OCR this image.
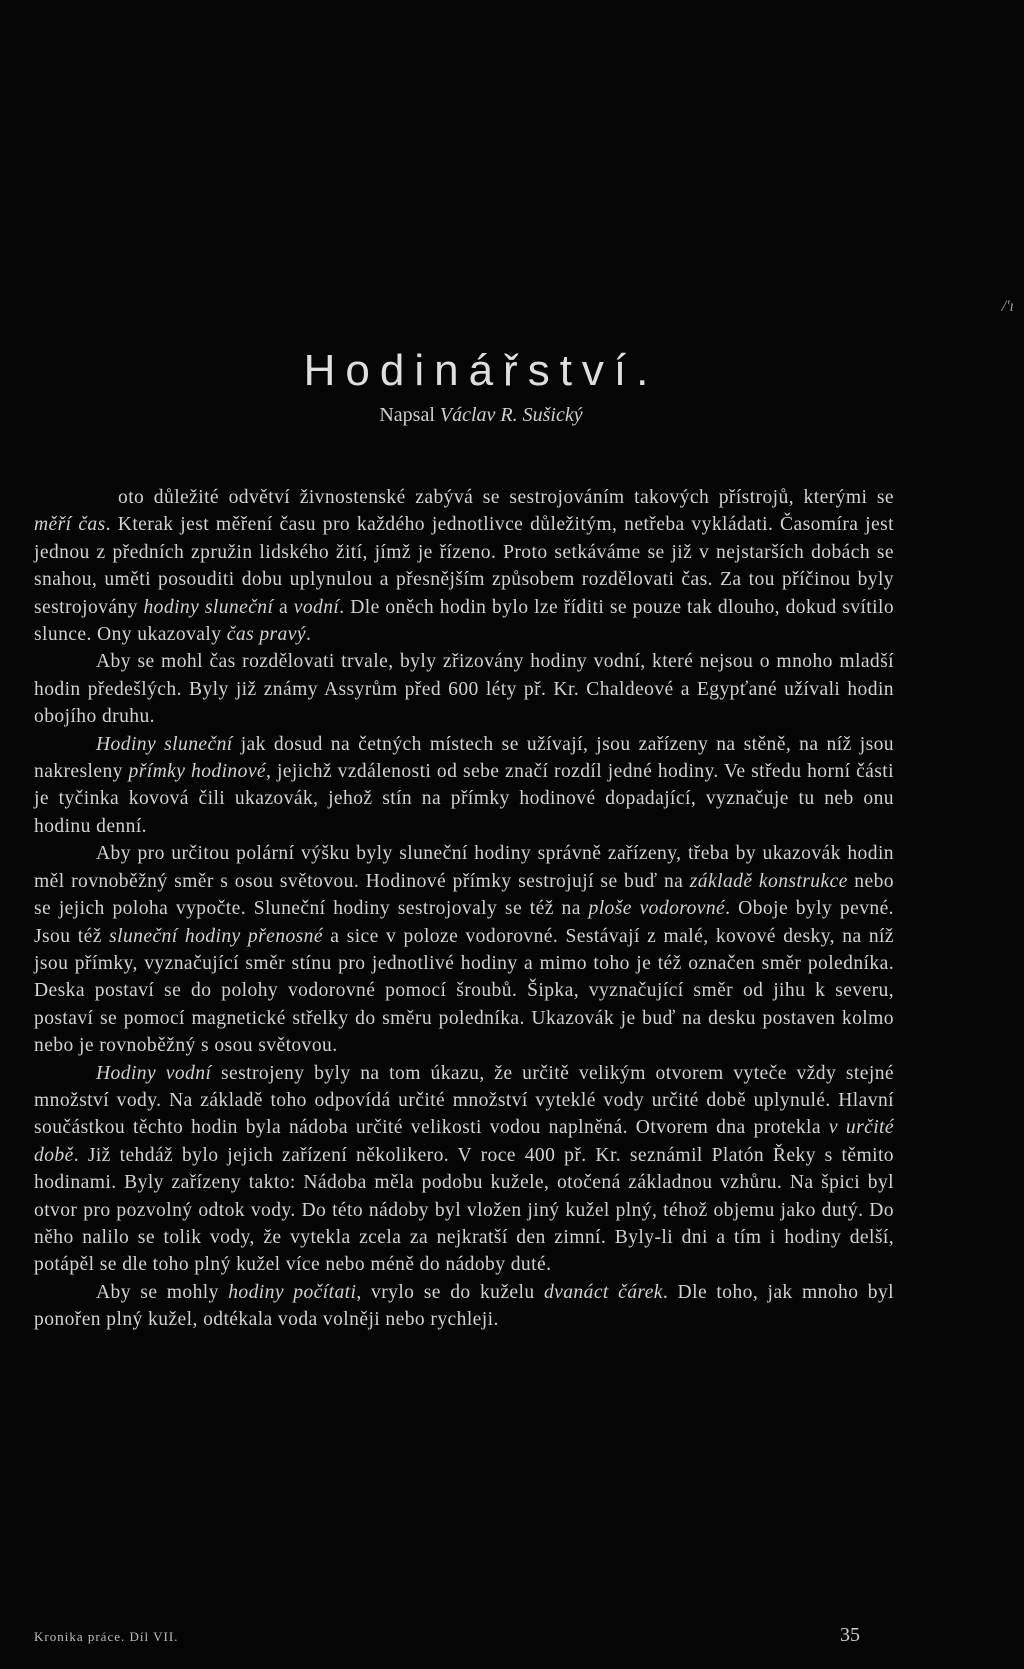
/'ı
Hodinářství.
Napsal Václav R. Sušický

oto důležité odvětví živnostenské zabývá se sestrojováním takových přístrojů, kterými se měří čas. Kterak jest měření času pro každého jednotlivce důležitým, netřeba vykládati. Časomíra jest jednou z předních zpružin lidského žití, jímž je řízeno. Proto setkáváme se již v nejstarších dobách se snahou, uměti posouditi dobu uplynulou a přesnějším způsobem rozdělovati čas. Za tou příčinou byly sestrojovány hodiny sluneční a vodní. Dle oněch hodin bylo lze říditi se pouze tak dlouho, dokud svítilo slunce. Ony ukazovaly čas pravý.

Aby se mohl čas rozdělovati trvale, byly zřizovány hodiny vodní, které nejsou o mnoho mladší hodin předešlých. Byly již známy Assyrům před 600 léty př. Kr. Chaldeové a Egypťané užívali hodin obojího druhu.

Hodiny sluneční jak dosud na četných místech se užívají, jsou zařízeny na stěně, na níž jsou nakresleny přímky hodinové, jejichž vzdálenosti od sebe značí rozdíl jedné hodiny. Ve středu horní části je tyčinka kovová čili ukazovák, jehož stín na přímky hodinové dopadající, vyznačuje tu neb onu hodinu denní.

Aby pro určitou polární výšku byly sluneční hodiny správně zařízeny, třeba by ukazovák hodin měl rovnoběžný směr s osou světovou. Hodinové přímky sestrojují se buď na základě konstrukce nebo se jejich poloha vypočte. Sluneční hodiny sestrojovaly se též na ploše vodorovné. Oboje byly pevné. Jsou též sluneční hodiny přenosné a sice v poloze vodorovné. Sestávají z malé, kovové desky, na níž jsou přímky, vyznačující směr stínu pro jednotlivé hodiny a mimo toho je též označen směr poledníka. Deska postaví se do polohy vodorovné pomocí šroubů. Šipka, vyznačující směr od jihu k severu, postaví se pomocí magnetické střelky do směru poledníka. Ukazovák je buď na desku postaven kolmo nebo je rovnoběžný s osou světovou.

Hodiny vodní sestrojeny byly na tom úkazu, že určitě velikým otvorem vyteče vždy stejné množství vody. Na základě toho odpovídá určité množství vyteklé vody určité době uplynulé. Hlavní součástkou těchto hodin byla nádoba určité velikosti vodou naplněná. Otvorem dna protekla v určité době. Již tehdáž bylo jejich zařízení několikero. V roce 400 př. Kr. seznámil Platón Řeky s těmito hodinami. Byly zařízeny takto: Nádoba měla podobu kužele, otočená základnou vzhůru. Na špici byl otvor pro pozvolný odtok vody. Do této nádoby byl vložen jiný kužel plný, téhož objemu jako dutý. Do něho nalilo se tolik vody, že vytekla zcela za nejkratší den zimní. Byly-li dni a tím i hodiny delší, potápěl se dle toho plný kužel více nebo méně do nádoby duté.

Aby se mohly hodiny počítati, vrylo se do kuželu dvanáct čárek. Dle toho, jak mnoho byl ponořen plný kužel, odtékala voda volněji nebo rychleji.

Kronika práce. Díl VII.	35
